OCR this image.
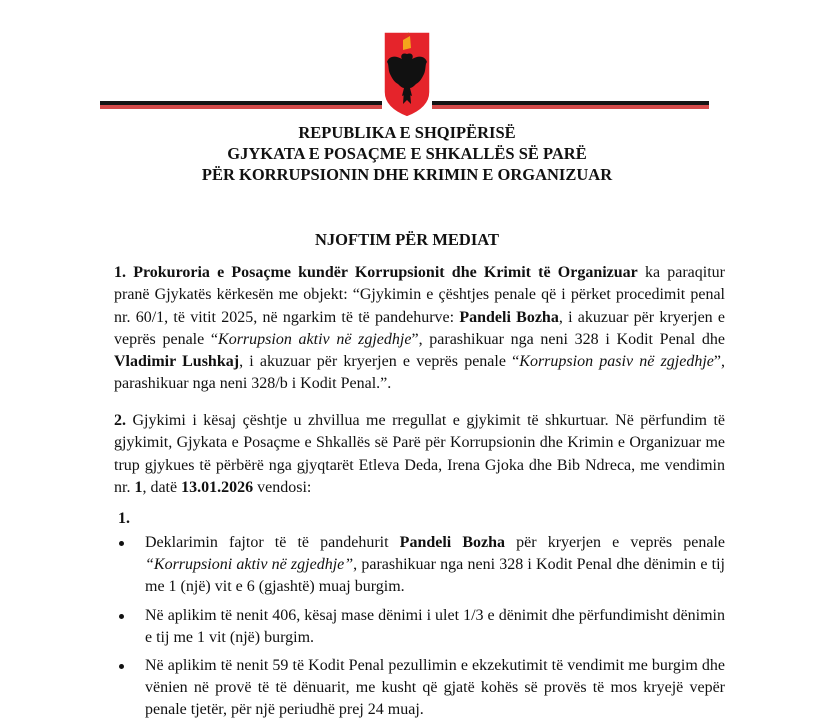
REPUBLIKA E SHQIPËRISË
GJYKATA E POSAÇME E SHKALLËS SË PARË
PËR KORRUPSIONIN DHE KRIMIN E ORGANIZUAR
NJOFTIM PËR MEDIAT
1. Prokuroria e Posaçme kundër Korrupsionit dhe Krimit të Organizuar ka paraqitur pranë Gjykatës kërkesën me objekt: “Gjykimin e çështjes penale që i përket procedimit penal nr. 60/1, të vitit 2025, në ngarkim të të pandehurve: Pandeli Bozha, i akuzuar për kryerjen e veprës penale “Korrupsion aktiv në zgjedhje”, parashikuar nga neni 328 i Kodit Penal dhe Vladimir Lushkaj, i akuzuar për kryerjen e veprës penale “Korrupsion pasiv në zgjedhje”, parashikuar nga neni 328/b i Kodit Penal.”.
2. Gjykimi i kësaj çështje u zhvillua me rregullat e gjykimit të shkurtuar. Në përfundim të gjykimit, Gjykata e Posaçme e Shkallës së Parë për Korrupsionin dhe Krimin e Organizuar me trup gjykues të përbërë nga gjyqtarët Etleva Deda, Irena Gjoka dhe Bib Ndreca, me vendimin nr. 1, datë 13.01.2026 vendosi:
1.
Deklarimin fajtor të të pandehurit Pandeli Bozha për kryerjen e veprës penale “Korrupsioni aktiv në zgjedhje”, parashikuar nga neni 328 i Kodit Penal dhe dënimin e tij me 1 (një) vit e 6 (gjashtë) muaj burgim.
Në aplikim të nenit 406, kësaj mase dënimi i ulet 1/3 e dënimit dhe përfundimisht dënimin e tij me 1 vit (një) burgim.
Në aplikim të nenit 59 të Kodit Penal pezullimin e ekzekutimit të vendimit me burgim dhe vënien në provë të të dënuarit, me kusht që gjatë kohës së provës të mos kryejë vepër penale tjetër, për një periudhë prej 24 muaj.
